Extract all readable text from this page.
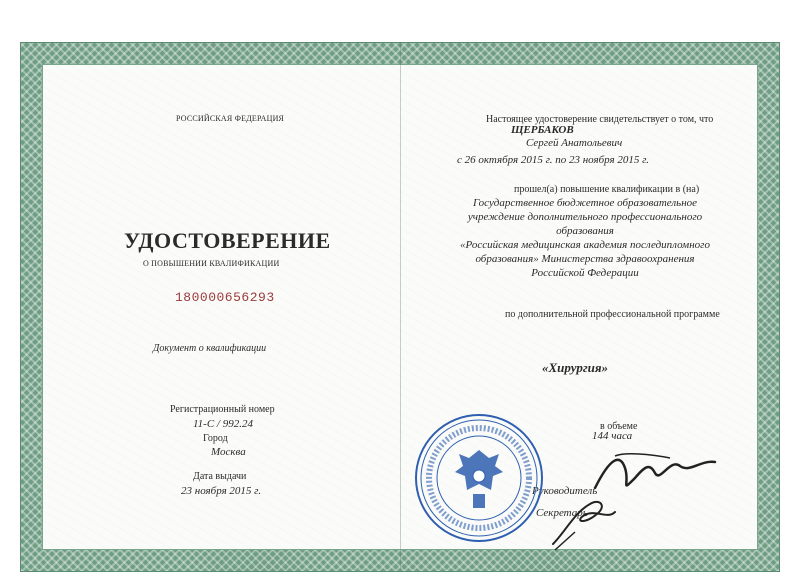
РОССИЙСКАЯ ФЕДЕРАЦИЯ
УДОСТОВЕРЕНИЕ
О ПОВЫШЕНИИ КВАЛИФИКАЦИИ
180000656293
Документ о квалификации
Регистрационный номер
11-С / 992.24
Город
Москва
Дата выдачи
23 ноября 2015 г.
Настоящее удостоверение свидетельствует о том, что
ЩЕРБАКОВ
Сергей Анатольевич
с 26 октября 2015 г. по 23 ноября 2015 г.
прошел(а) повышение квалификации в (на)
Государственное бюджетное образовательное
учреждение дополнительного профессионального образования
«Российская медицинская академия последипломного
образования» Министерства здравоохранения
Российской Федерации
по дополнительной профессиональной программе
«Хирургия»
в объеме
144 часа
Руководитель
Секретарь
